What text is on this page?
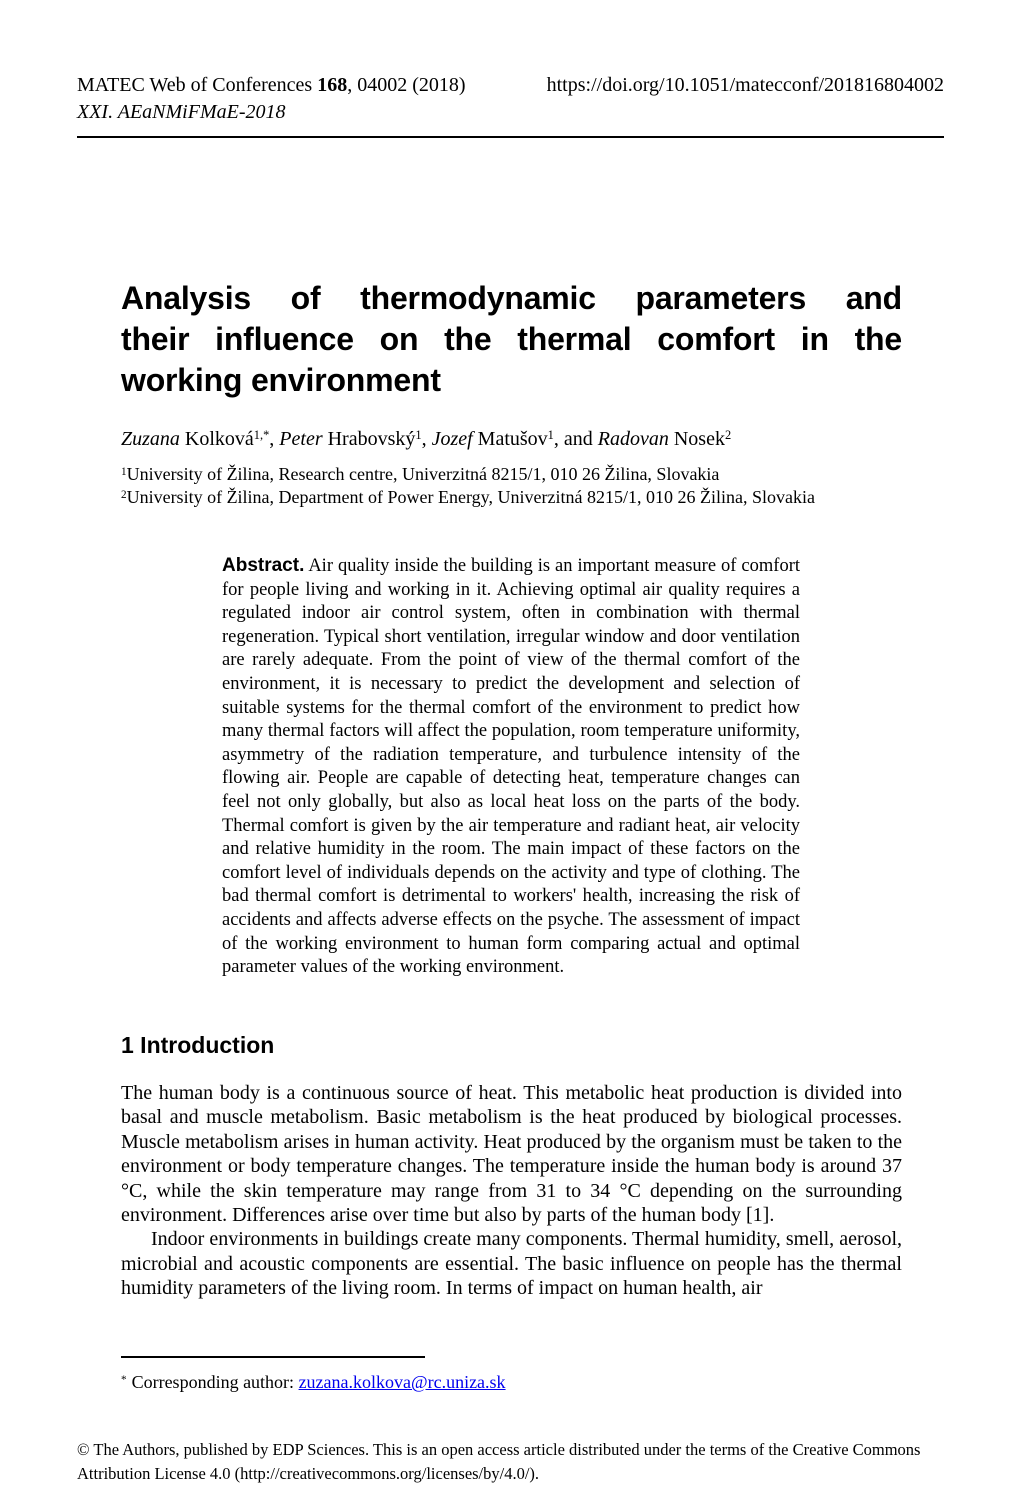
MATEC Web of Conferences 168, 04002 (2018)	https://doi.org/10.1051/matecconf/201816804002
XXI. AEaNMiFMaE-2018
Analysis of thermodynamic parameters and
their influence on the thermal comfort in the
working environment
Zuzana Kolková$^{1,*}$, Peter Hrabovský$^1$, Jozef Matušov$^1$, and Radovan Nosek$^2$
$^1$University of Žilina, Research centre, Univerzitná 8215/1, 010 26 Žilina, Slovakia
$^2$University of Žilina, Department of Power Energy, Univerzitná 8215/1, 010 26 Žilina, Slovakia
Abstract. Air quality inside the building is an important measure of comfort for people living and working in it. Achieving optimal air quality requires a regulated indoor air control system, often in combination with thermal regeneration. Typical short ventilation, irregular window and door ventilation are rarely adequate. From the point of view of the thermal comfort of the environment, it is necessary to predict the development and selection of suitable systems for the thermal comfort of the environment to predict how many thermal factors will affect the population, room temperature uniformity, asymmetry of the radiation temperature, and turbulence intensity of the flowing air. People are capable of detecting heat, temperature changes can feel not only globally, but also as local heat loss on the parts of the body. Thermal comfort is given by the air temperature and radiant heat, air velocity and relative humidity in the room. The main impact of these factors on the comfort level of individuals depends on the activity and type of clothing. The bad thermal comfort is detrimental to workers' health, increasing the risk of accidents and affects adverse effects on the psyche. The assessment of impact of the working environment to human form comparing actual and optimal parameter values of the working environment.
1 Introduction

The human body is a continuous source of heat. This metabolic heat production is divided into basal and muscle metabolism. Basic metabolism is the heat produced by biological processes. Muscle metabolism arises in human activity. Heat produced by the organism must be taken to the environment or body temperature changes. The temperature inside the human body is around 37 °C, while the skin temperature may range from 31 to 34 °C depending on the surrounding environment. Differences arise over time but also by parts of the human body [1].

Indoor environments in buildings create many components. Thermal humidity, smell, aerosol, microbial and acoustic components are essential. The basic influence on people has the thermal humidity parameters of the living room. In terms of impact on human health, air

* Corresponding author: zuzana.kolkova@rc.uniza.sk
© The Authors, published by EDP Sciences. This is an open access article distributed under the terms of the Creative Commons
Attribution License 4.0 (http://creativecommons.org/licenses/by/4.0/).
